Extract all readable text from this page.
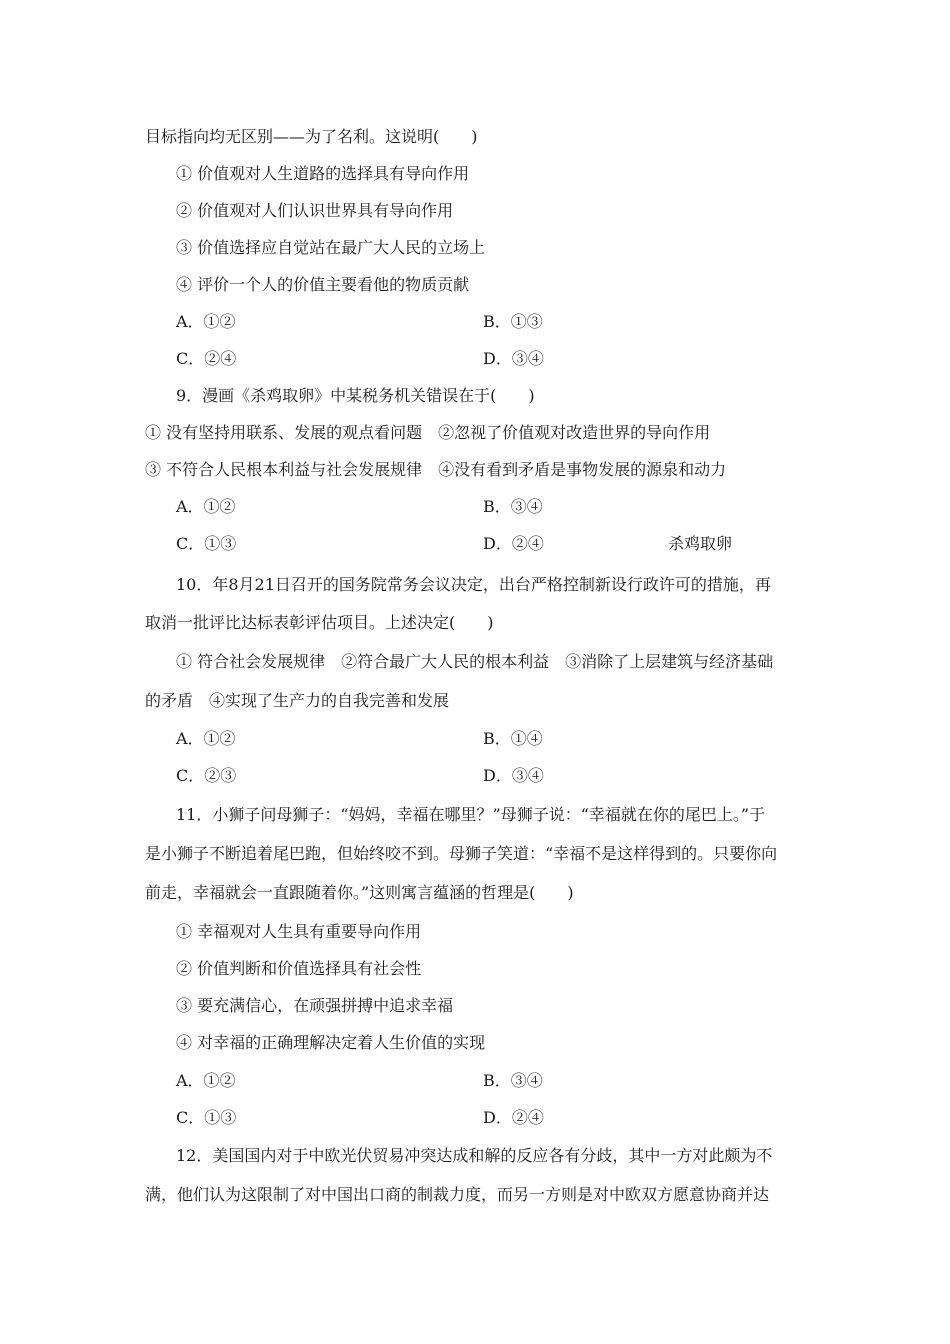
目标指向均无区别——为了名利。这说明(　　)
① 价值观对人生道路的选择具有导向作用
② 价值观对人们认识世界具有导向作用
③ 价值选择应自觉站在最广大人民的立场上
④ 评价一个人的价值主要看他的物质贡献
A．①②	B．①③
C．②④	D．③④
9．漫画《杀鸡取卵》中某税务机关错误在于(　　)
① 没有坚持用联系、发展的观点看问题　②忽视了价值观对改造世界的导向作用
③ 不符合人民根本利益与社会发展规律　④没有看到矛盾是事物发展的源泉和动力
A．①②	B．③④
C．①③	D．②④	杀鸡取卵
10．年8月21日召开的国务院常务会议决定，出台严格控制新设行政许可的措施，再
取消一批评比达标表彰评估项目。上述决定(　　)
① 符合社会发展规律　②符合最广大人民的根本利益　③消除了上层建筑与经济基础
的矛盾　④实现了生产力的自我完善和发展
A．①②	B．①④
C．②③	D．③④
11．小狮子问母狮子：“妈妈，幸福在哪里？”母狮子说：“幸福就在你的尾巴上。”于
是小狮子不断追着尾巴跑，但始终咬不到。母狮子笑道：“幸福不是这样得到的。只要你向
前走，幸福就会一直跟随着你。”这则寓言蕴涵的哲理是(　　)
① 幸福观对人生具有重要导向作用
② 价值判断和价值选择具有社会性
③ 要充满信心，在顽强拼搏中追求幸福
④ 对幸福的正确理解决定着人生价值的实现
A．①②	B．③④
C．①③	D．②④
12．美国国内对于中欧光伏贸易冲突达成和解的反应各有分歧，其中一方对此颇为不
满，他们认为这限制了对中国出口商的制裁力度，而另一方则是对中欧双方愿意协商并达
